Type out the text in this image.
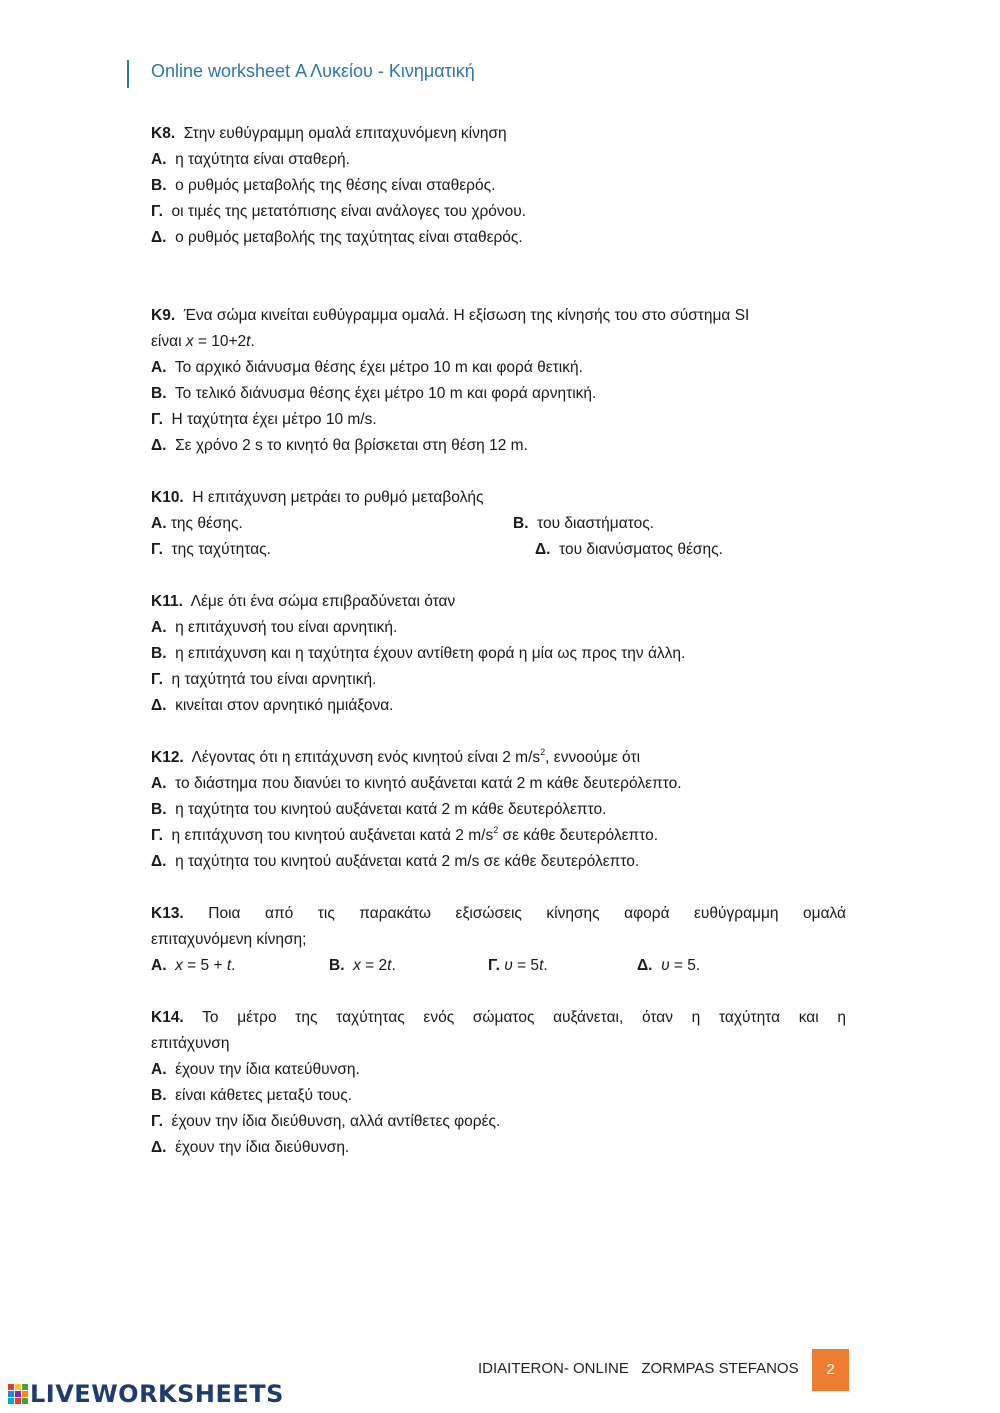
Online worksheet Α Λυκείου - Κινηματική
Κ8. Στην ευθύγραμμη ομαλά επιταχυνόμενη κίνηση
Α. η ταχύτητα είναι σταθερή.
Β. ο ρυθμός μεταβολής της θέσης είναι σταθερός.
Γ. οι τιμές της μετατόπισης είναι ανάλογες του χρόνου.
Δ. ο ρυθμός μεταβολής της ταχύτητας είναι σταθερός.
Κ9. Ένα σώμα κινείται ευθύγραμμα ομαλά. Η εξίσωση της κίνησής του στο σύστημα SI
είναι x = 10+2t.
Α. Το αρχικό διάνυσμα θέσης έχει μέτρο 10 m και φορά θετική.
Β. Το τελικό διάνυσμα θέσης έχει μέτρο 10 m και φορά αρνητική.
Γ. Η ταχύτητα έχει μέτρο 10 m/s.
Δ. Σε χρόνο 2 s το κινητό θα βρίσκεται στη θέση 12 m.
Κ10. Η επιτάχυνση μετράει το ρυθμό μεταβολής
Α. της θέσης.	Β. του διαστήματος.
Γ. της ταχύτητας.	Δ. του διανύσματος θέσης.
Κ11. Λέμε ότι ένα σώμα επιβραδύνεται όταν
Α. η επιτάχυνσή του είναι αρνητική.
Β. η επιτάχυνση και η ταχύτητα έχουν αντίθετη φορά η μία ως προς την άλλη.
Γ. η ταχύτητά του είναι αρνητική.
Δ. κινείται στον αρνητικό ημιάξονα.
Κ12. Λέγοντας ότι η επιτάχυνση ενός κινητού είναι 2 $m/s^2$, εννοούμε ότι
Α. το διάστημα που διανύει το κινητό αυξάνεται κατά 2 m κάθε δευτερόλεπτο.
Β. η ταχύτητα του κινητού αυξάνεται κατά 2 m κάθε δευτερόλεπτο.
Γ. η επιτάχυνση του κινητού αυξάνεται κατά 2 $m/s^2$ σε κάθε δευτερόλεπτο.
Δ. η ταχύτητα του κινητού αυξάνεται κατά 2 m/s σε κάθε δευτερόλεπτο.
Κ13. Ποια από τις παρακάτω εξισώσεις κίνησης αφορά ευθύγραμμη ομαλά
επιταχυνόμενη κίνηση;
Α. x = 5 + t.	Β. x = 2t.	Γ. υ = 5t.	Δ. υ = 5.
Κ14. Το μέτρο της ταχύτητας ενός σώματος αυξάνεται, όταν η ταχύτητα και η
επιτάχυνση
Α. έχουν την ίδια κατεύθυνση.
Β. είναι κάθετες μεταξύ τους.
Γ. έχουν την ίδια διεύθυνση, αλλά αντίθετες φορές.
Δ. έχουν την ίδια διεύθυνση.
IDIAITERON- ONLINE   ZORMPAS STEFANOS	2
LIVEWORKSHEETS
